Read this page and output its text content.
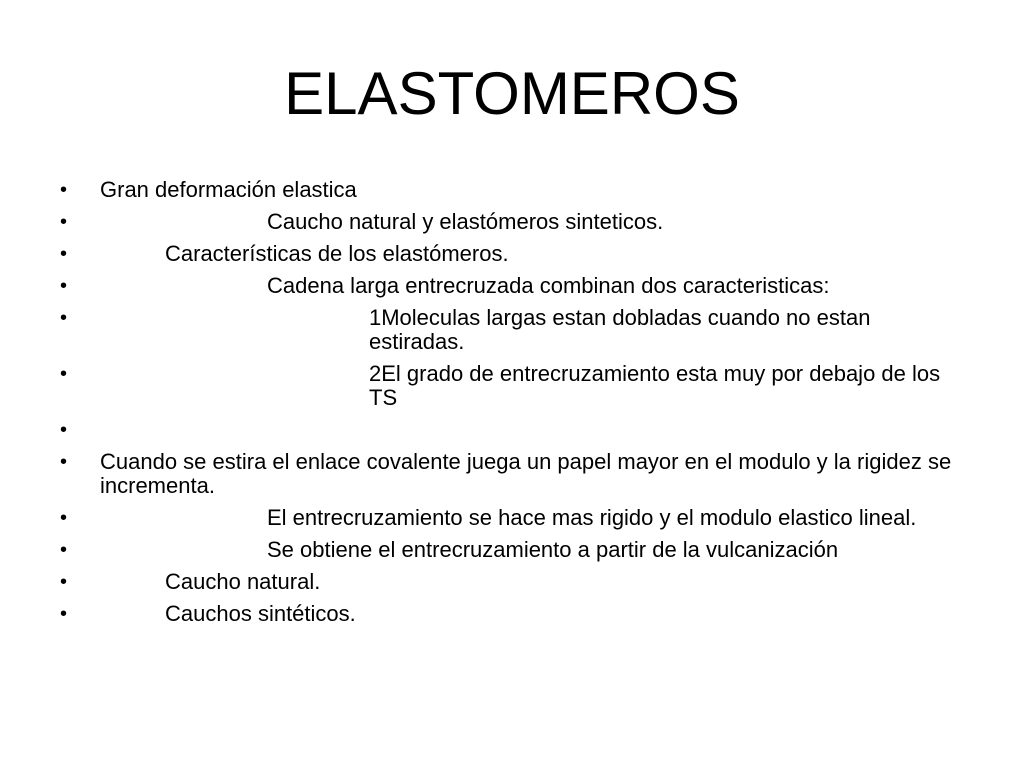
ELASTOMEROS
• Gran deformación elastica
•	Caucho natural y elastómeros sinteticos.
•	Características de los elastómeros.
•	Cadena larga entrecruzada combinan dos caracteristicas:
•	1Moleculas largas estan dobladas cuando no estan estiradas.
•	2El grado de entrecruzamiento esta muy por debajo de los TS
•
• Cuando se estira el enlace covalente juega un papel mayor en el modulo y la rigidez se incrementa.
•	El entrecruzamiento se hace mas rigido y el modulo elastico lineal.
•	Se obtiene el entrecruzamiento a partir de la vulcanización
•	Caucho natural.
•	Cauchos sintéticos.
